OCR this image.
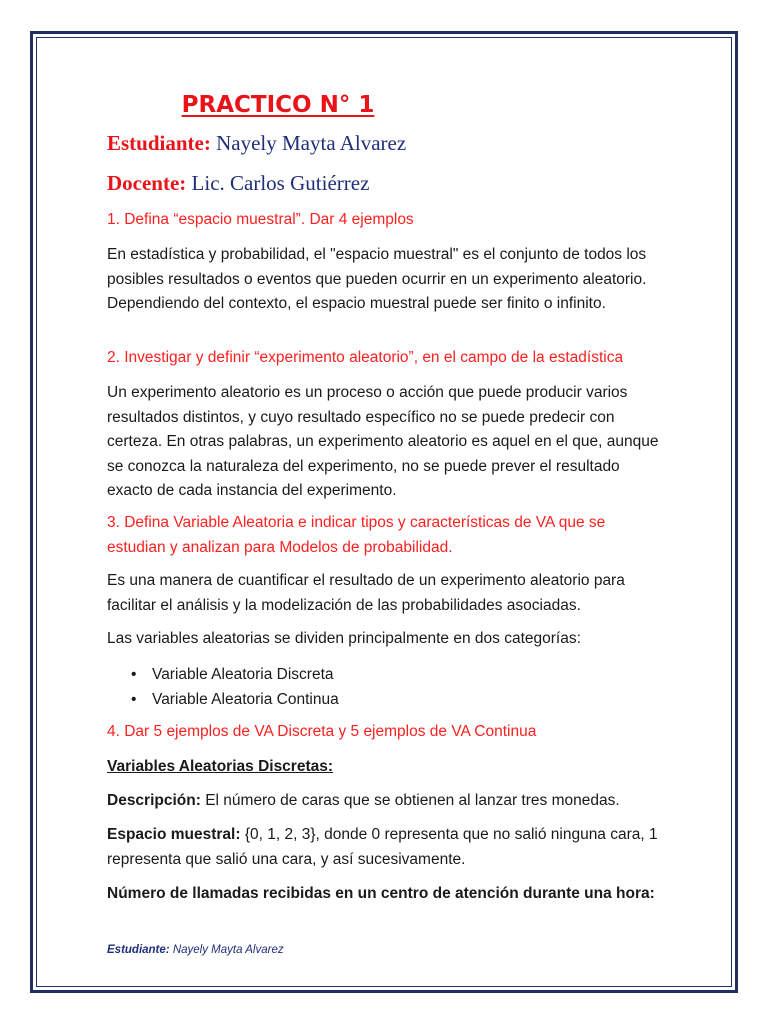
PRACTICO N° 1
Estudiante: Nayely Mayta Alvarez
Docente: Lic. Carlos Gutiérrez
1. Defina “espacio muestral”. Dar 4 ejemplos
En estadística y probabilidad, el "espacio muestral" es el conjunto de todos los posibles resultados o eventos que pueden ocurrir en un experimento aleatorio. Dependiendo del contexto, el espacio muestral puede ser finito o infinito.
2. Investigar y definir “experimento aleatorio”, en el campo de la estadística
Un experimento aleatorio es un proceso o acción que puede producir varios resultados distintos, y cuyo resultado específico no se puede predecir con certeza. En otras palabras, un experimento aleatorio es aquel en el que, aunque se conozca la naturaleza del experimento, no se puede prever el resultado exacto de cada instancia del experimento.
3. Defina Variable Aleatoria e indicar tipos y características de VA que se estudian y analizan para Modelos de probabilidad.
Es una manera de cuantificar el resultado de un experimento aleatorio para facilitar el análisis y la modelización de las probabilidades asociadas.
Las variables aleatorias se dividen principalmente en dos categorías:
• Variable Aleatoria Discreta
• Variable Aleatoria Continua
4. Dar 5 ejemplos de VA Discreta y 5 ejemplos de VA Continua
Variables Aleatorias Discretas:
Descripción: El número de caras que se obtienen al lanzar tres monedas.
Espacio muestral: {0, 1, 2, 3}, donde 0 representa que no salió ninguna cara, 1 representa que salió una cara, y así sucesivamente.
Número de llamadas recibidas en un centro de atención durante una hora:
Estudiante: Nayely Mayta Alvarez
